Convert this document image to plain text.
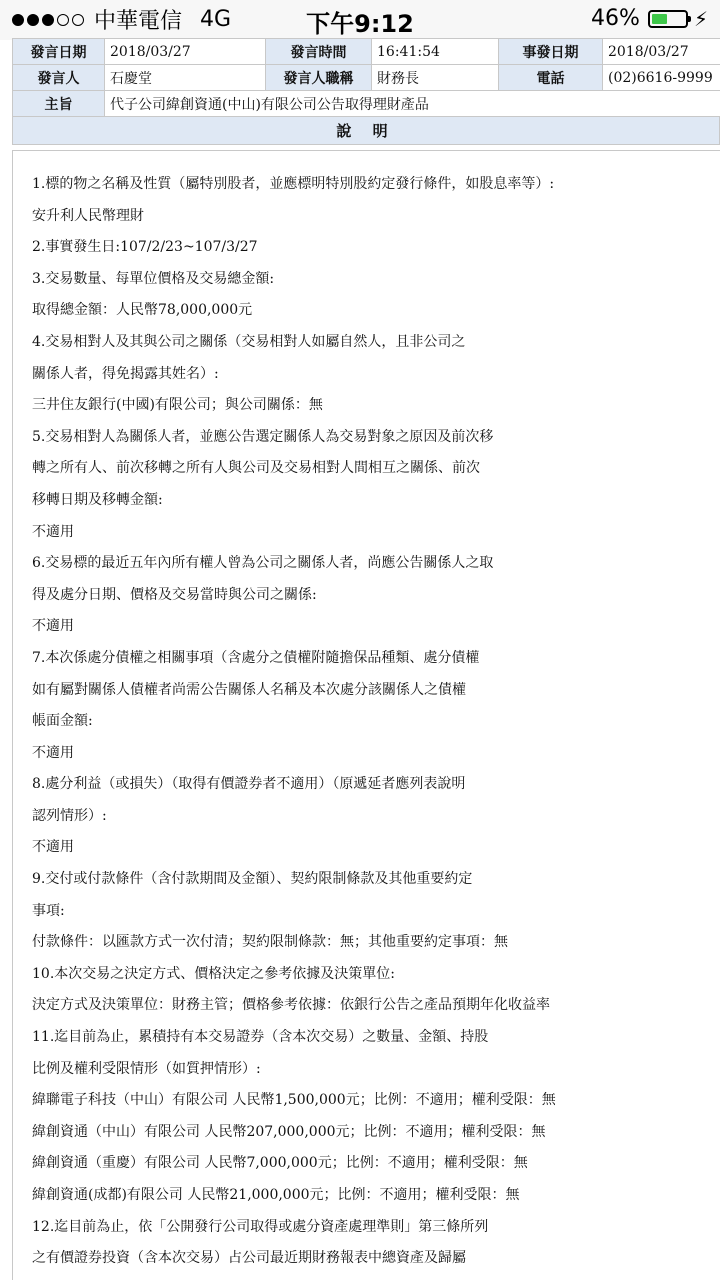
中華電信 4G	下午9:12	46%	⚡
發言日期	2018/03/27	發言時間	16:41:54	事發日期	2018/03/27
發言人	石慶堂	發言人職稱	財務長	電話	(02)6616-9999
主旨	代子公司緯創資通(中山)有限公司公告取得理財產品				
說 明

1.標的物之名稱及性質（屬特別股者，並應標明特別股約定發行條件，如股息率等）:

安升利人民幣理財

2.事實發生日:107/2/23~107/3/27

3.交易數量、每單位價格及交易總金額:

取得總金額：人民幣78,000,000元

4.交易相對人及其與公司之關係（交易相對人如屬自然人，且非公司之

關係人者，得免揭露其姓名）:

三井住友銀行(中國)有限公司；與公司關係：無

5.交易相對人為關係人者，並應公告選定關係人為交易對象之原因及前次移

轉之所有人、前次移轉之所有人與公司及交易相對人間相互之關係、前次

移轉日期及移轉金額:

不適用

6.交易標的最近五年內所有權人曾為公司之關係人者，尚應公告關係人之取

得及處分日期、價格及交易當時與公司之關係:

不適用

7.本次係處分債權之相關事項（含處分之債權附隨擔保品種類、處分債權

如有屬對關係人債權者尚需公告關係人名稱及本次處分該關係人之債權

帳面金額:

不適用

8.處分利益（或損失）（取得有價證券者不適用）（原遞延者應列表說明

認列情形）:

不適用

9.交付或付款條件（含付款期間及金額）、契約限制條款及其他重要約定

事項:

付款條件：以匯款方式一次付清；契約限制條款：無；其他重要約定事項：無

10.本次交易之決定方式、價格決定之參考依據及決策單位:

決定方式及決策單位：財務主管；價格參考依據：依銀行公告之產品預期年化收益率

11.迄目前為止，累積持有本交易證券（含本次交易）之數量、金額、持股

比例及權利受限情形（如質押情形）:

緯聯電子科技（中山）有限公司 人民幣1,500,000元；比例：不適用；權利受限：無

緯創資通（中山）有限公司 人民幣207,000,000元；比例：不適用；權利受限：無

緯創資通（重慶）有限公司 人民幣7,000,000元；比例：不適用；權利受限：無

緯創資通(成都)有限公司 人民幣21,000,000元；比例：不適用；權利受限：無

12.迄目前為止，依「公開發行公司取得或處分資產處理準則」第三條所列

之有價證券投資（含本次交易）占公司最近期財務報表中總資產及歸屬
